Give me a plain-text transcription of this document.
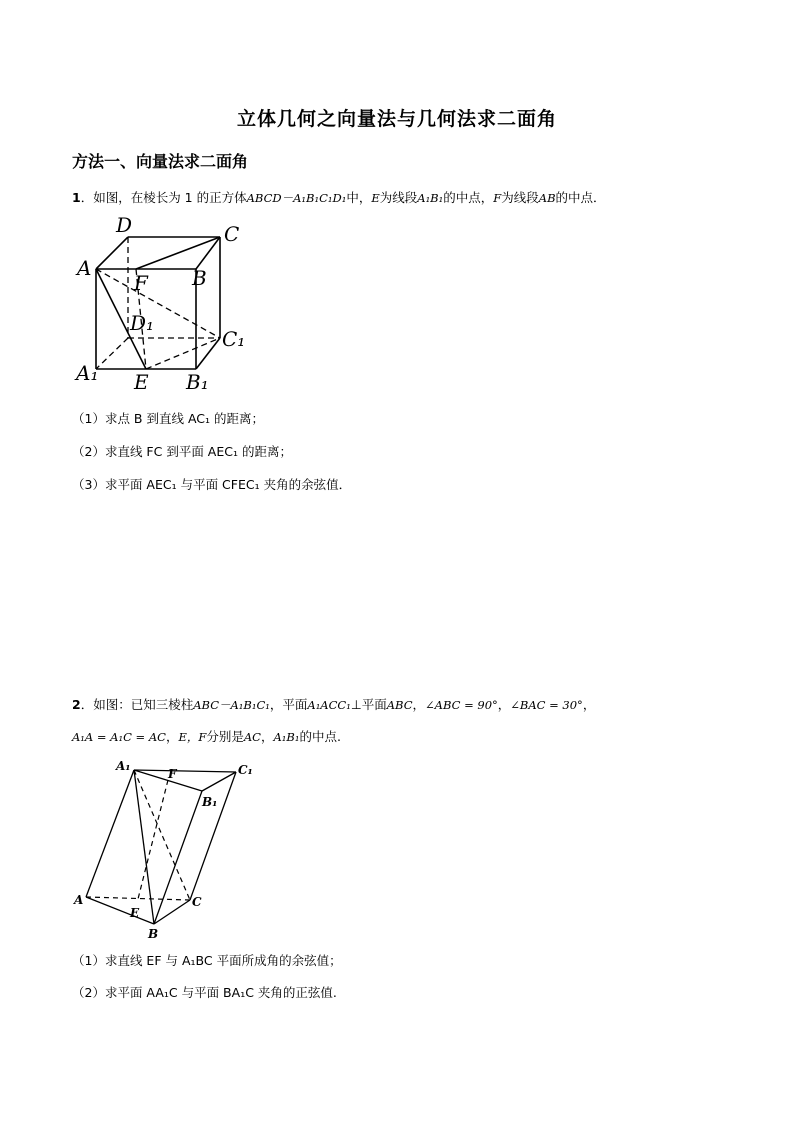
立体几何之向量法与几何法求二面角
方法一、向量法求二面角
1．如图，在棱长为 1 的正方体ABCD－A₁B₁C₁D₁中，E为线段A₁B₁的中点，F为线段AB的中点．
D	C
A	B
F
D₁
C₁
A₁ E B₁
（1）求点 B 到直线 AC₁ 的距离；
（2）求直线 FC 到平面 AEC₁ 的距离；
（3）求平面 AEC₁ 与平面 CFEC₁ 夹角的余弦值．
2．如图：已知三棱柱ABC－A₁B₁C₁，平面A₁ACC₁⊥平面ABC，∠ABC = 90°，∠BAC = 30°，
A₁A = A₁C = AC，E，F分别是AC，A₁B₁的中点.
A₁
F	C₁
B₁
A
E
C
B
（1）求直线 EF 与 A₁BC 平面所成角的余弦值；
（2）求平面 AA₁C 与平面 BA₁C 夹角的正弦值.
